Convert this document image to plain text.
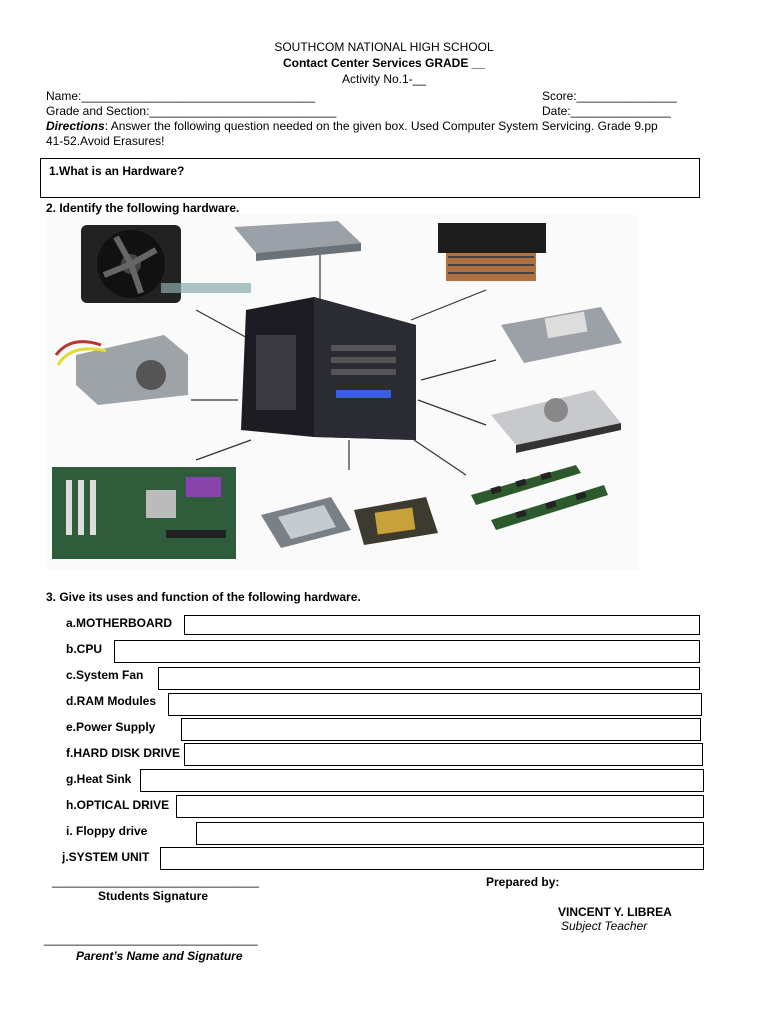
SOUTHCOM NATIONAL HIGH SCHOOL
Contact Center Services GRADE __
Activity No.1-__
Name:___________________________________	Score:_______________
Grade and Section:____________________________	Date:_______________
Directions: Answer the following question needed on the given box. Used Computer System Servicing. Grade 9.pp
41-52.Avoid Erasures!
1.What is an Hardware?
2. Identify the following hardware.
3. Give its uses and function of the following hardware.
a.MOTHERBOARD
b.CPU
c.System Fan
d.RAM Modules
e.Power Supply
f.HARD DISK DRIVE
g.Heat Sink
h.OPTICAL DRIVE
i. Floppy drive
j.SYSTEM UNIT
_______________________________
Students Signature
Prepared by:
VINCENT Y. LIBREA
Subject Teacher
________________________________
Parent’s Name and Signature
